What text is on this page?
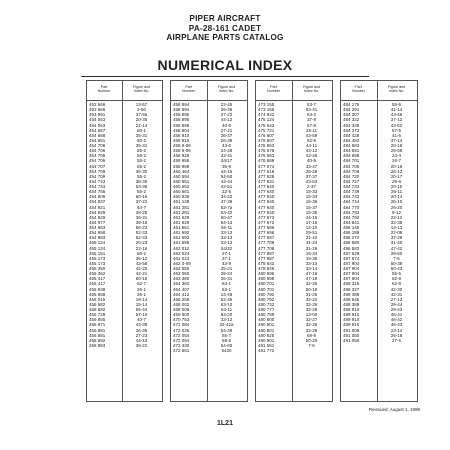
PIPER AIRCRAFT
PA-28-161 CADET
AIRPLANE PARTS CATALOG
NUMERICAL INDEX
Part
Number
Figure and
Index No.
453 666
453 666
453 991
454 053
454 063
454 657
454 668
454 681
454 706
454 706
454 706
454 706
454 707
454 709
454 709
454 743
454 743
454 756
454 806
454 837
454 921
454 928
454 929
454 977
454 983
454 958
454 983
455 124
455 124
455 151
455 173
455 173
455 350
455 362
455 417
455 417
455 938
455 968
456 015
456 682
456 682
456 729
456 855
456 871
456 881
456 891
458 892
458 893
13-57
2-50
37-9a
20-35
22-14
60-1
35-31
60-2
35-31
55-2
55-2
55-2
55-2
35-30
55-2
35-30
53-36
55-2
60-16
37-22
64-7
38-28
36-31
35-15
56-22
52-33
52-33
20-23
22-16
56-2
36-12
43-58
42-20
42-21
60-15
62-7
26-1
26-1
19-14
15-14
65-44
57-10
40-7
43-38
26-35
27-23
44-13
36-22
Part
Number
Figure and
Index No.
458 894
458 894
458 895
458 895
458 898
458 904
458 910
458 910
458 9-06
458 9-06
458 928
458 958
458 968
460 464
460 594
460 651
460 652
460 681
460 836
461 138
461 281
461 281
461 629
461 629
461 651
461 692
461 693
461 695
462 012
462 024
462 024
462 0-09
462 050
462 060
463 380
464 362
464 407
464 412
465 258
468 002
468 006
469 600
470 753
471 084
472 036
472 054
472 054
472 330
472 661
22-45
26-36
27-22
44-12
40-9
27-21
26-37
26-39
43-6
24-28
43-41
34/17
35-6
44-16
54-50
43-44
43-51
22-5
34-22
47-39
53-7a
53-42
50-47
64-13
56-11
33-13
33-13
33-13
54/32
27-1
27-1
43-9
25-21
25-24
26-31
63-1
63-1
13-49
52-46
63-10
63-11
63-20
33-12
32-42a
54-39
55-7
58-8
54-60
5420
Part
Number
Figure and
Index No.
473 155
473 155
474 942
475 124
475 542
475 721
476 607
476 607
476 663
476 678
476 683
476 689
477 074
477 618
477 629
477 631
477 640
477 640
477 640
477 640
477 640
477 640
477 673
477 672
477 696
477 696
477 697
477 709
477 709
477 887
477 887
478 643
478 845
480 696
480 698
480 701
480 701
480 792
480 792
480 732
480 777
480 789
480 800
480 801
480 801
480 825
480 901
481 651
481 772
53-7
53-41
63-2
37-8
57-8
25-11
43-59
62-9
44-11
43-12
43-46
40-9
43-47
26-28
37-37
43-53
2-37
15-33
15-34
15-36
15-37
15-35
44-15
17-15
14-10
29-51
31-42
31-24
31-26
15-34
19-35
33-13
33-14
47-16
47-19
32-26
50-19
31-25
32-22
32-26
32-29
13-00
32-27
32-26
32-28
59-8
50-20
7-6
Part
Number
Figure and
Index No.
484 175
484 291
484 307
484 322
484 348
484 373
484 428
484 482
484 583
484 691
484 698
484 701
484 705
484 706
484 720
484 727
484 733
484 739
484 743
484 744
484 770
484 792
484 792
484 841
486 145
486 188
486 274
486 580
486 583
487 629
487 674
487 904
487 904
487 904
487 904
488 315
488 327
488 489
488 545
488 389
488 910
489 910
489 910
489 910
491 009
491 050
491 050
55-5
41-14
43-46
37-12
43-52
57-5
41-6
37-14
20-18
29-59
24-4
26-7
20-16
26-12
20-17
26-8
20-15
26-11
20-14
26-10
26-20
8-12
22-12
32-38
13-13
22-09
37-29
31-40
47-42
29-50
7-5
50-38
50-43
55-5
62-8
62-8
42-30
42-31
27-13
29-44
29-43
46-41
46-42
46-43
22-14
26-18
27-5
Reissued: August 1, 1999
1L21
